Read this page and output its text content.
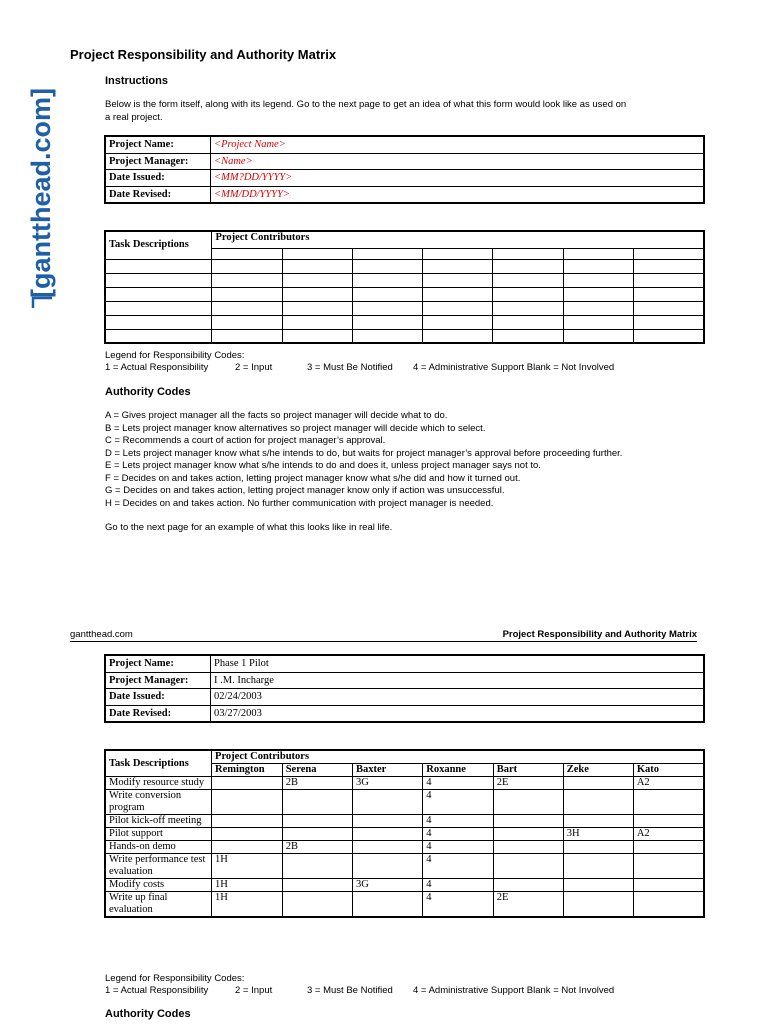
[gantthead.com]
Project Responsibility and Authority Matrix
Instructions
Below is the form itself, along with its legend. Go to the next page to get an idea of what this form would look like as used on
a real project.
Project Name:	<Project Name>
Project Manager:	<Name>
Date Issued:	<MM?DD/YYYY>
Date Revised:	<MM/DD/YYYY>
Task Descriptions	Project Contributors						

Legend for Responsibility Codes:
1 = Actual Responsibility	2 = Input	3 = Must Be Notified 4 = Administrative Support Blank = Not Involved
Authority Codes
A = Gives project manager all the facts so project manager will decide what to do.
B = Lets project manager know alternatives so project manager will decide which to select.
C = Recommends a court of action for project manager’s approval.
D = Lets project manager know what s/he intends to do, but waits for project manager’s approval before proceeding further.
E = Lets project manager know what s/he intends to do and does it, unless project manager says not to.
F = Decides on and takes action, letting project manager know what s/he did and how it turned out.
G = Decides on and takes action, letting project manager know only if action was unsuccessful.
H = Decides on and takes action. No further communication with project manager is needed.
Go to the next page for an example of what this looks like in real life.
gantthead.com	Project Responsibility and Authority Matrix
Project Name:	Phase 1 Pilot
Project Manager:	I .M. Incharge
Date Issued:	02/24/2003
Date Revised:	03/27/2003
Task Descriptions	Project Contributors						
	Remington	Serena	Baxter	Roxanne	Bart	Zeke	Kato
Modify resource study		2B	3G	4	2E		A2
Write conversion program				4			
Pilot kick-off meeting				4			
Pilot support				4		3H	A2
Hands-on demo		2B		4			
Write performance test evaluation	1H			4			
Modify costs	1H		3G	4			
Write up final evaluation	1H			4	2E		
Legend for Responsibility Codes:
1 = Actual Responsibility	2 = Input	3 = Must Be Notified 4 = Administrative Support Blank = Not Involved
Authority Codes
